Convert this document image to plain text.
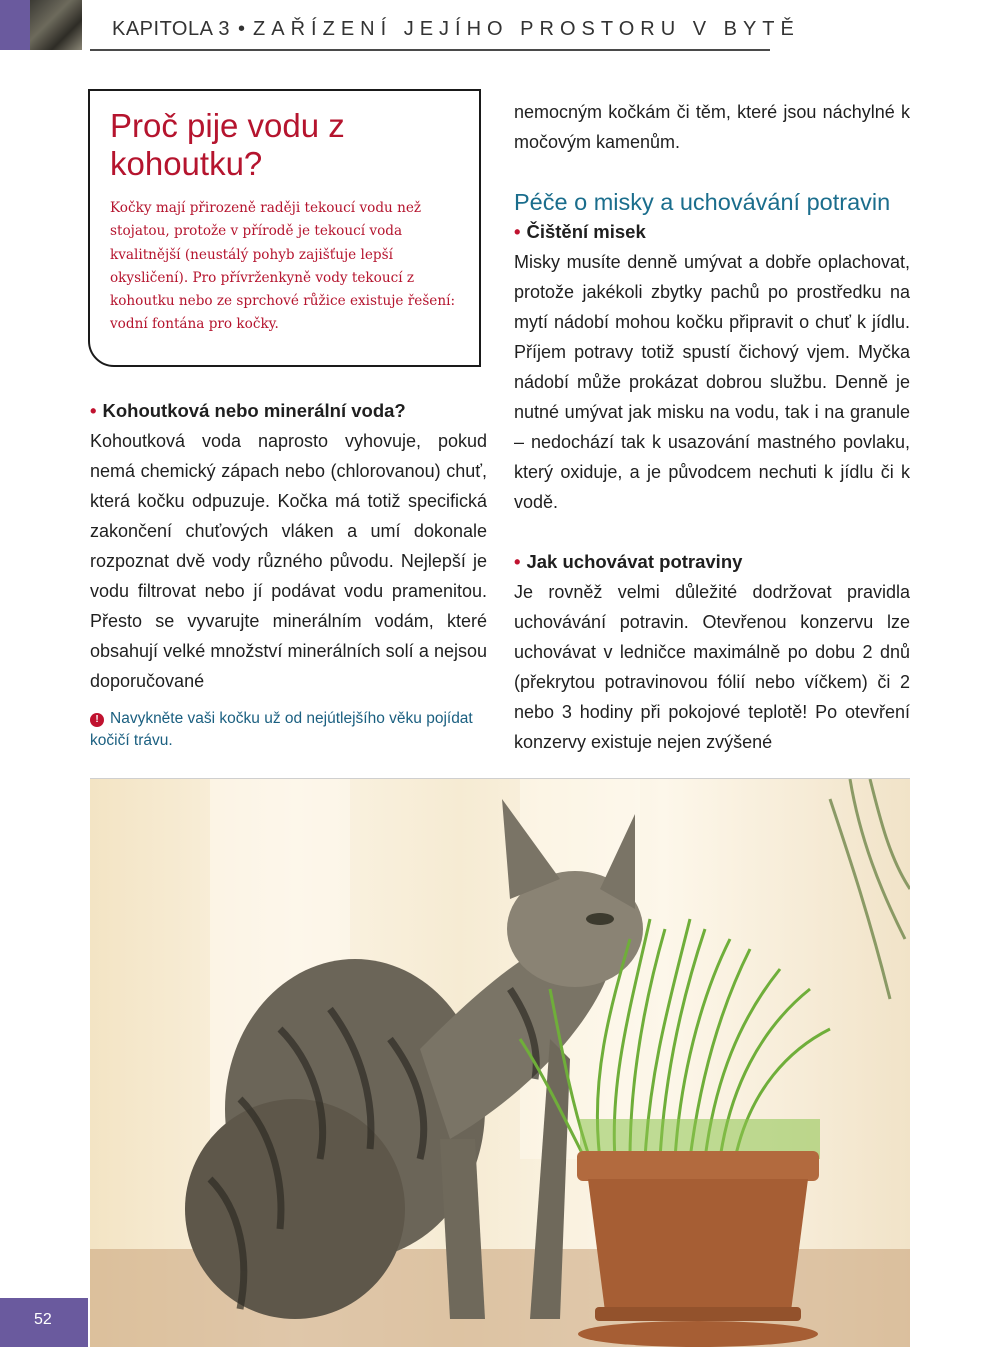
KAPITOLA 3 • ZAŘÍZENÍ JEJÍHO PROSTORU V BYTĚ
Proč pije vodu z kohoutku?

Kočky mají přirozeně raději tekoucí vodu než stojatou, protože v přírodě je tekoucí voda kvalitnější (neustálý pohyb zajišťuje lepší okysličení). Pro přívrženkyně vody tekoucí z kohoutku nebo ze sprchové růžice existuje řešení: vodní fontána pro kočky.

• Kohoutková nebo minerální voda?

Kohoutková voda naprosto vyhovuje, pokud nemá chemický zápach nebo (chlorovanou) chuť, která kočku odpuzuje. Kočka má totiž specifická zakončení chuťových vláken a umí dokonale rozpoznat dvě vody různého původu. Nejlepší je vodu filtrovat nebo jí podávat vodu pramenitou. Přesto se vyvarujte minerálním vodám, které obsahují velké množství minerálních solí a nejsou doporučované

! Navykněte vaši kočku už od nejútlejšího věku pojídat kočičí trávu.

nemocným kočkám či těm, které jsou náchylné k močovým kamenům.

Péče o misky a uchovávání potravin

• Čištění misek

Misky musíte denně umývat a dobře oplachovat, protože jakékoli zbytky pachů po prostředku na mytí nádobí mohou kočku připravit o chuť k jídlu. Příjem potravy totiž spustí čichový vjem. Myčka nádobí může prokázat dobrou službu. Denně je nutné umývat jak misku na vodu, tak i na granule – nedochází tak k usazování mastného povlaku, který oxiduje, a je původcem nechuti k jídlu či k vodě.

• Jak uchovávat potraviny

Je rovněž velmi důležité dodržovat pravidla uchovávání potravin. Otevřenou konzervu lze uchovávat v ledničce maximálně po dobu 2 dnů (překrytou potravinovou fólií nebo víčkem) či 2 nebo 3 hodiny při pokojové teplotě! Po otevření konzervy existuje nejen zvýšené

52
